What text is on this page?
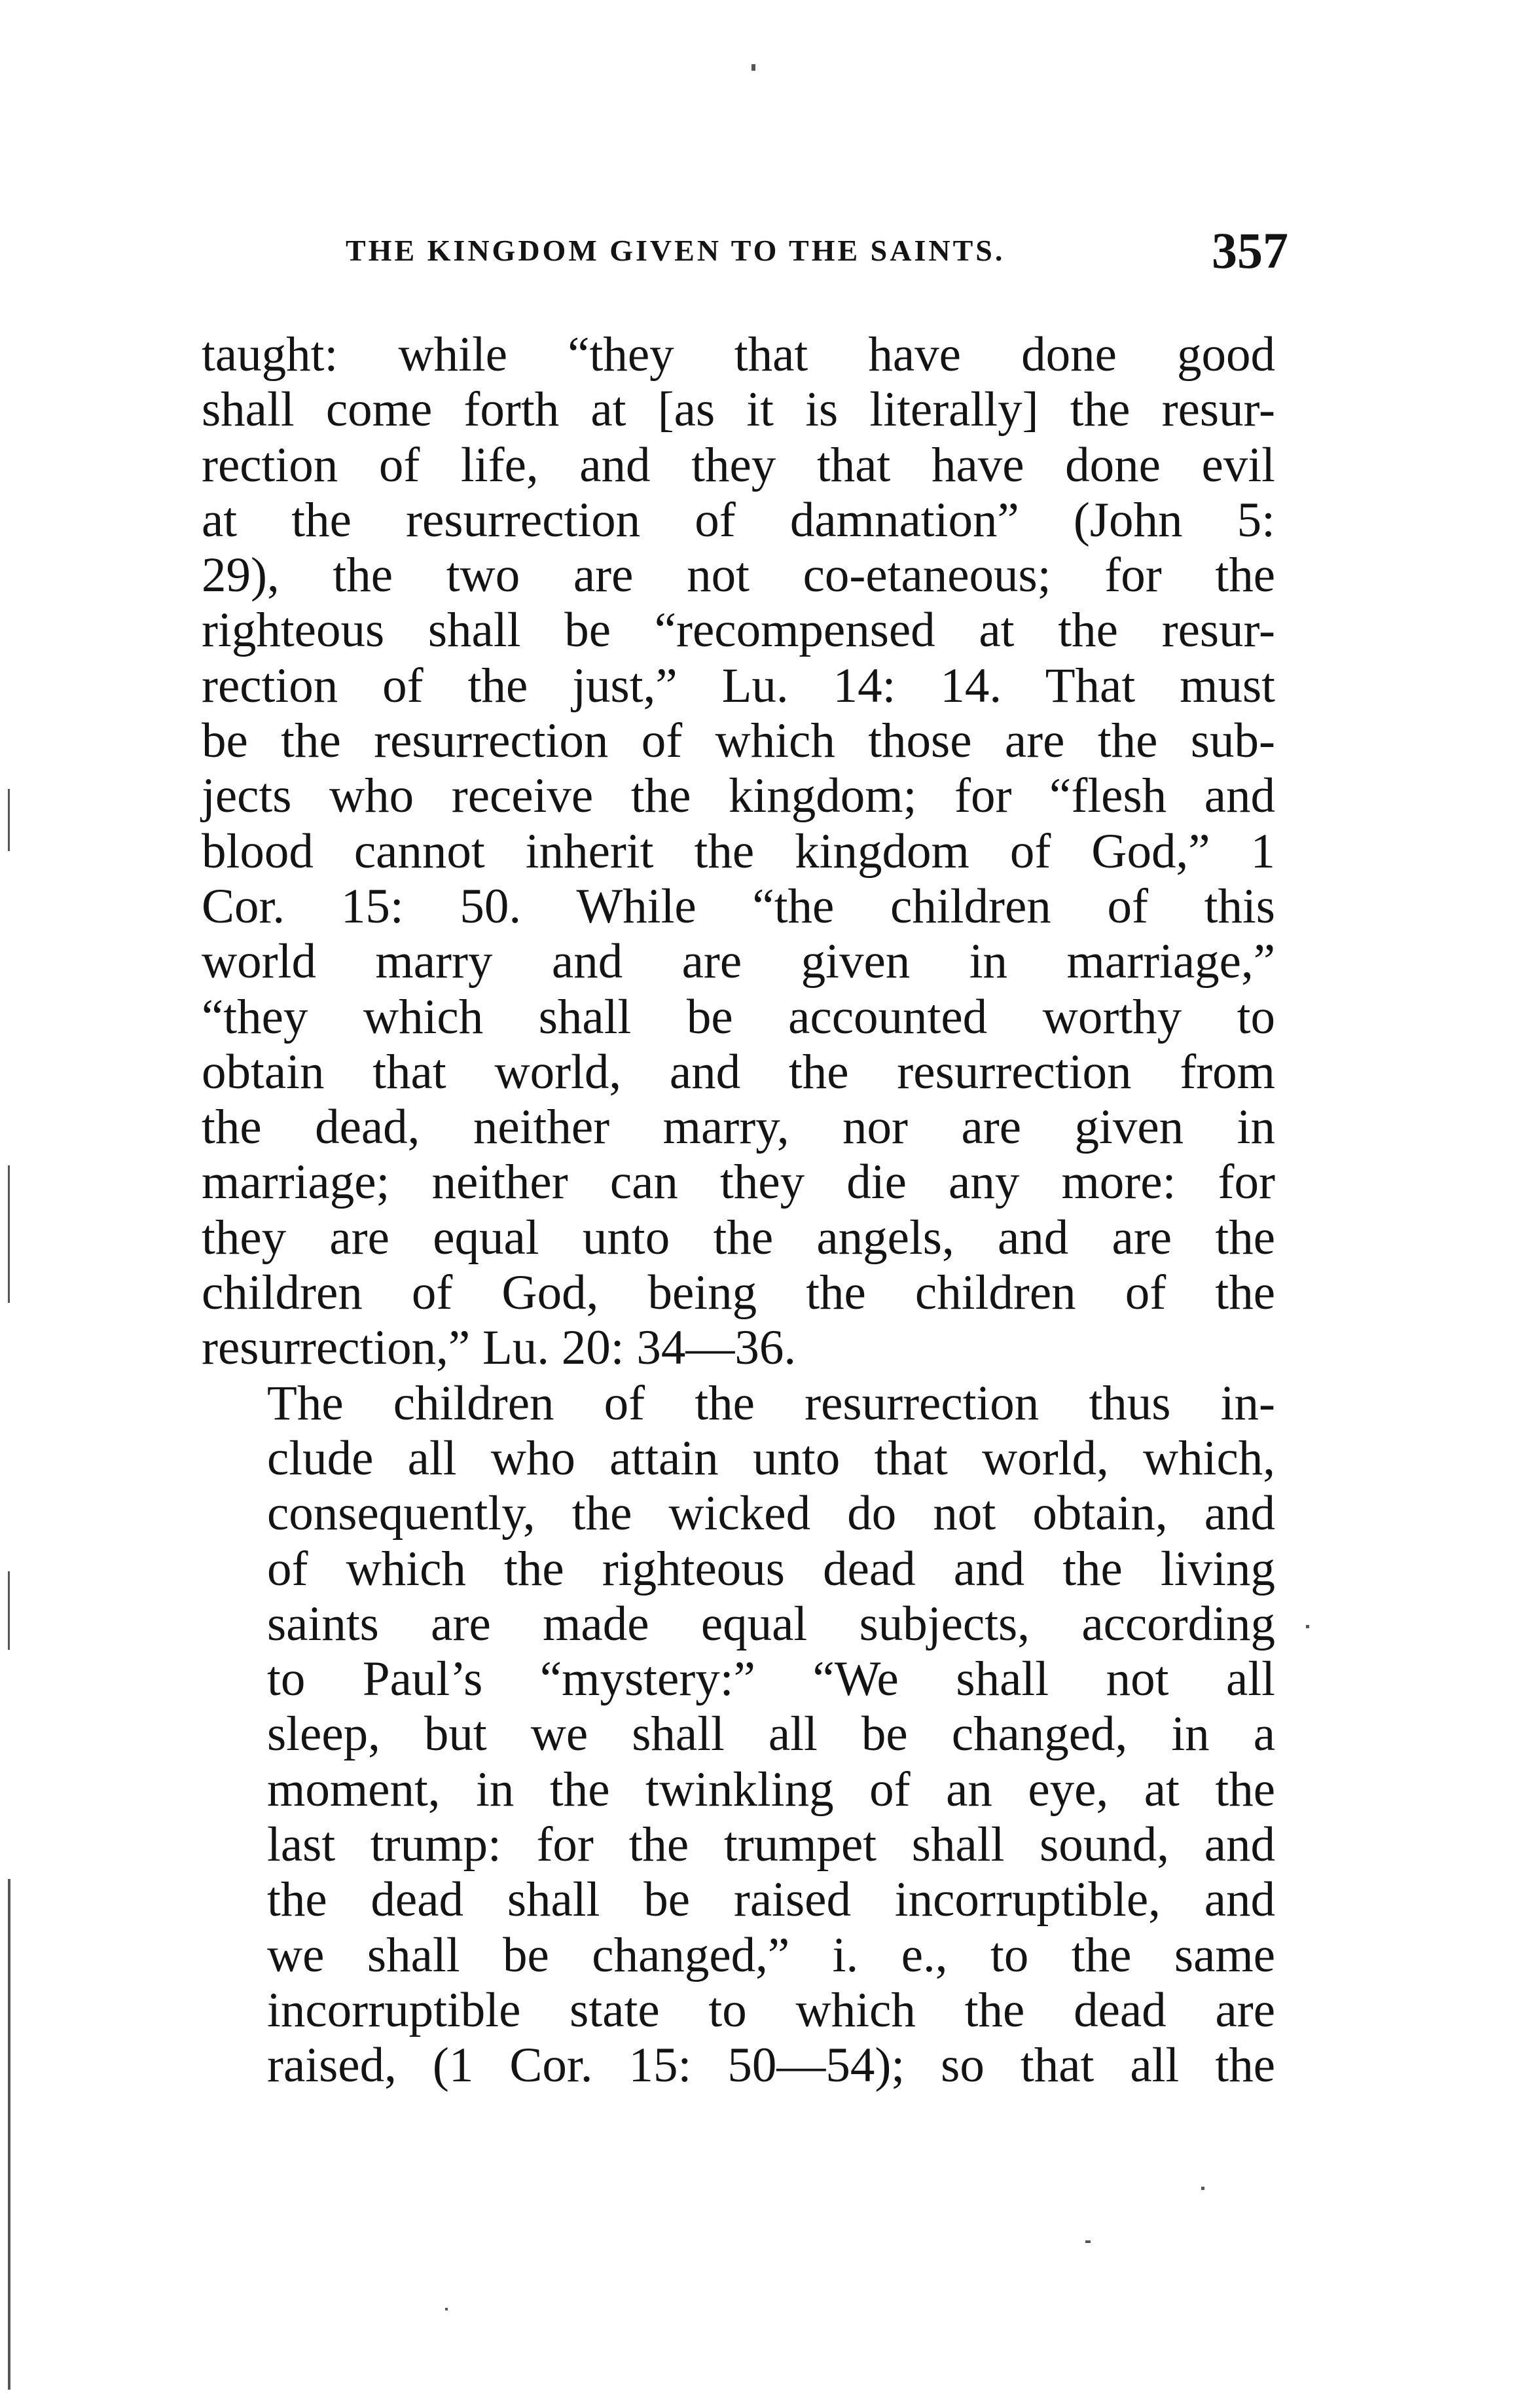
THE KINGDOM GIVEN TO THE SAINTS.	357

taught: while “they that have done good
shall come forth at [as it is literally] the resur-
rection of life, and they that have done evil
at the resurrection of damnation” (John 5:
29), the two are not co-etaneous; for the
righteous shall be “recompensed at the resur-
rection of the just,” Lu. 14: 14. That must
be the resurrection of which those are the sub-
jects who receive the kingdom; for “flesh and
blood cannot inherit the kingdom of God,” 1
Cor. 15: 50. While “the children of this
world marry and are given in marriage,”
“they which shall be accounted worthy to
obtain that world, and the resurrection from
the dead, neither marry, nor are given in
marriage; neither can they die any more: for
they are equal unto the angels, and are the
children of God, being the children of the
resurrection,” Lu. 20: 34—36.

The children of the resurrection thus in-
clude all who attain unto that world, which,
consequently, the wicked do not obtain, and
of which the righteous dead and the living
saints are made equal subjects, according
to Paul’s “mystery:” “We shall not all
sleep, but we shall all be changed, in a
moment, in the twinkling of an eye, at the
last trump: for the trumpet shall sound, and
the dead shall be raised incorruptible, and
we shall be changed,” i. e., to the same
incorruptible state to which the dead are
raised, (1 Cor. 15: 50—54); so that all the
